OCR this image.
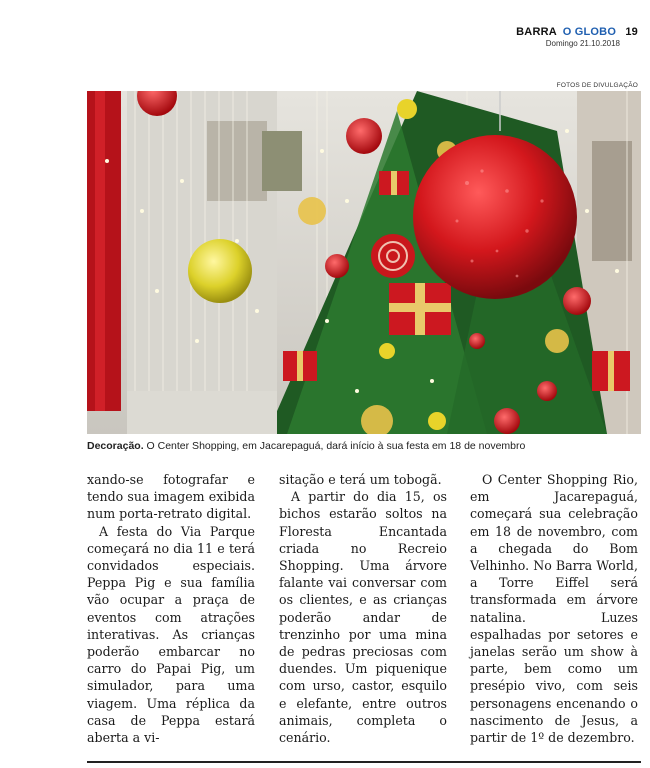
BARRA O GLOBO 19
Domingo 21.10.2018
FOTOS DE DIVULGAÇÃO
Decoração. O Center Shopping, em Jacarepaguá, dará início à sua festa em 18 de novembro

xando-se fotografar e tendo sua imagem exibida num porta-retrato digital.

A festa do Via Parque começará no dia 11 e terá convidados especiais. Peppa Pig e sua família vão ocupar a praça de eventos com atrações interativas. As crianças poderão embarcar no carro do Papai Pig, um simulador, para uma viagem. Uma réplica da casa de Peppa estará aberta a vi-

sitação e terá um tobogã.

A partir do dia 15, os bichos estarão soltos na Floresta Encantada criada no Recreio Shopping. Uma árvore falante vai conversar com os clientes, e as crianças poderão andar de trenzinho por uma mina de pedras preciosas com duendes. Um piquenique com urso, castor, esquilo e elefante, entre outros animais, completa o cenário.

O Center Shopping Rio, em Jacarepaguá, começará sua celebração em 18 de novembro, com a chegada do Bom Velhinho. No Barra World, a Torre Eiffel será transformada em árvore natalina. Luzes espalhadas por setores e janelas serão um show à parte, bem como um presépio vivo, com seis personagens encenando o nascimento de Jesus, a partir de 1º de dezembro.
